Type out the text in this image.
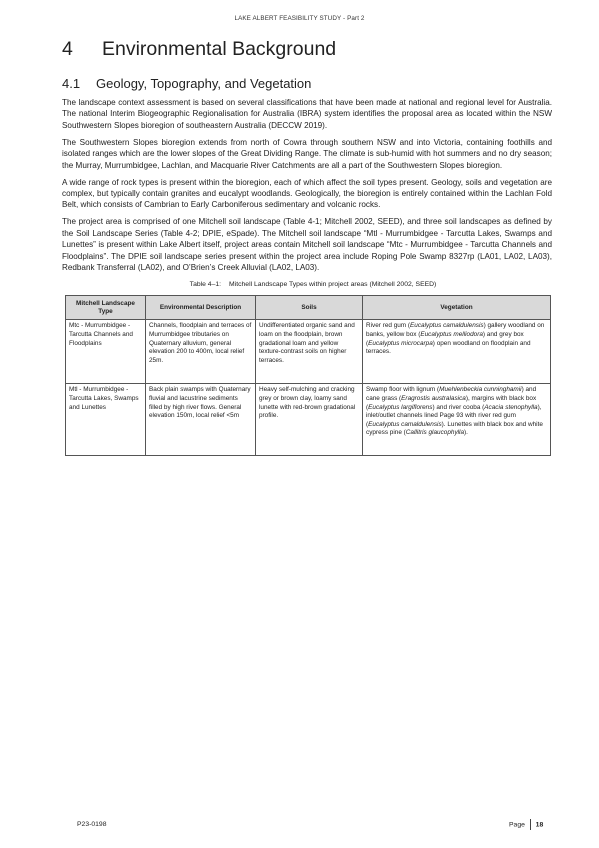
LAKE ALBERT FEASIBILITY STUDY - Part 2
4 Environmental Background
4.1 Geology, Topography, and Vegetation

The landscape context assessment is based on several classifications that have been made at national and regional level for Australia. The national Interim Biogeographic Regionalisation for Australia (IBRA) system identifies the proposal area as located within the NSW Southwestern Slopes bioregion of southeastern Australia (DECCW 2019).

The Southwestern Slopes bioregion extends from north of Cowra through southern NSW and into Victoria, containing foothills and isolated ranges which are the lower slopes of the Great Dividing Range. The climate is sub-humid with hot summers and no dry season; the Murray, Murrumbidgee, Lachlan, and Macquarie River Catchments are all a part of the Southwestern Slopes bioregion.

A wide range of rock types is present within the bioregion, each of which affect the soil types present. Geology, soils and vegetation are complex, but typically contain granites and eucalypt woodlands. Geologically, the bioregion is entirely contained within the Lachlan Fold Belt, which consists of Cambrian to Early Carboniferous sedimentary and volcanic rocks.

The project area is comprised of one Mitchell soil landscape (Table 4-1; Mitchell 2002, SEED), and three soil landscapes as defined by the Soil Landscape Series (Table 4-2; DPIE, eSpade). The Mitchell soil landscape “Mtl - Murrumbidgee - Tarcutta Lakes, Swamps and Lunettes” is present within Lake Albert itself, project areas contain Mitchell soil landscape “Mtc - Murrumbidgee - Tarcutta Channels and Floodplains”. The DPIE soil landscape series present within the project area include Roping Pole Swamp 8327rp (LA01, LA02, LA03), Redbank Transferral (LA02), and O’Brien’s Creek Alluvial (LA02, LA03).

Table 4–1: Mitchell Landscape Types within project areas (Mitchell 2002, SEED)
Mitchell Landscape Type	Environmental Description	Soils	Vegetation
Mtc - Murrumbidgee - Tarcutta Channels and Floodplains	Channels, floodplain and terraces of Murrumbidgee tributaries on Quaternary alluvium, general elevation 200 to 400m, local relief 25m.	Undifferentiated organic sand and loam on the floodplain, brown gradational loam and yellow texture-contrast soils on higher terraces.	River red gum (Eucalyptus camaldulensis) gallery woodland on banks, yellow box (Eucalyptus melliodora) and grey box (Eucalyptus microcarpa) open woodland on floodplain and terraces.
Mtl - Murrumbidgee - Tarcutta Lakes, Swamps and Lunettes	Back plain swamps with Quaternary fluvial and lacustrine sediments filled by high river flows. General elevation 150m, local relief <5m	Heavy self-mulching and cracking grey or brown clay, loamy sand lunette with red-brown gradational profile.	Swamp floor with lignum (Muehlenbeckia cunninghamii) and cane grass (Eragrostis australasica), margins with black box (Eucalyptus largiflorens) and river cooba (Acacia stenophylla), inlet/outlet channels lined Page 93 with river red gum (Eucalyptus camaldulensis). Lunettes with black box and white cypress pine (Callitris glaucophylla).
P23-0198	Page 18
